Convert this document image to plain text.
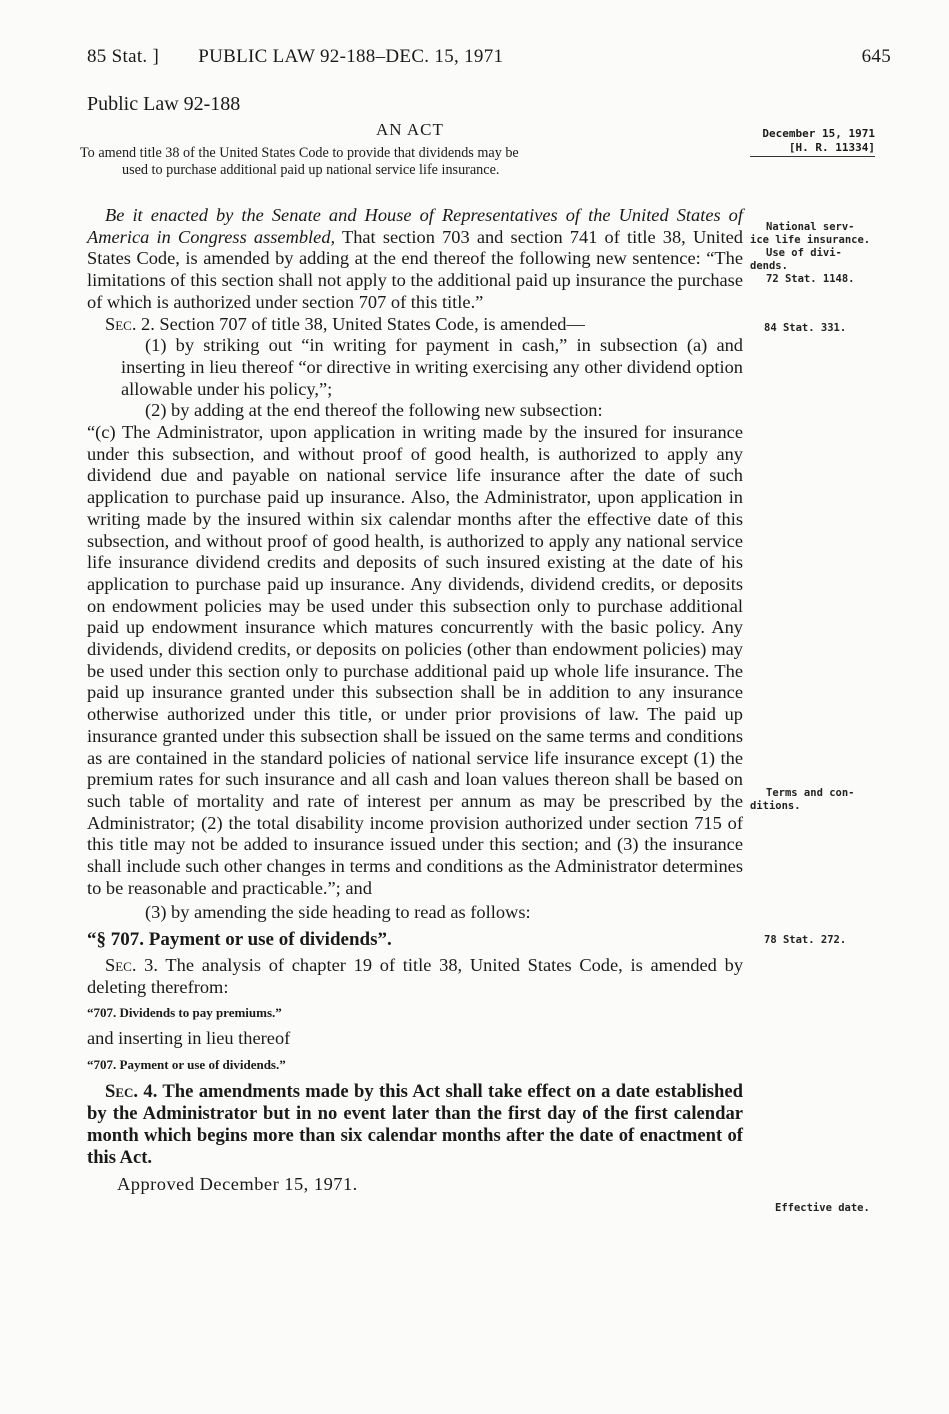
85 Stat. ] PUBLIC LAW 92-188–DEC. 15, 1971	645
Public Law 92-188
AN ACT
To amend title 38 of the United States Code to provide that dividends may be
used to purchase additional paid up national service life insurance.
December 15, 1971

[H. R. 11334]
National serv-
ice life insurance.
Use of divi-
dends.
72 Stat. 1148.
84 Stat. 331.
Terms and con-
ditions.
78 Stat. 272.
Effective date.

Be it enacted by the Senate and House of Representatives of the United States of America in Congress assembled, That section 703 and section 741 of title 38, United States Code, is amended by adding at the end thereof the following new sentence: “The limitations of this section shall not apply to the additional paid up insurance the purchase of which is authorized under section 707 of this title.”

Sec. 2. Section 707 of title 38, United States Code, is amended—

(1) by striking out “in writing for payment in cash,” in subsection (a) and inserting in lieu thereof “or directive in writing exercising any other dividend option allowable under his policy,”;

(2) by adding at the end thereof the following new subsection:

“(c) The Administrator, upon application in writing made by the insured for insurance under this subsection, and without proof of good health, is authorized to apply any dividend due and payable on national service life insurance after the date of such application to purchase paid up insurance. Also, the Administrator, upon application in writing made by the insured within six calendar months after the effective date of this subsection, and without proof of good health, is authorized to apply any national service life insurance dividend credits and deposits of such insured existing at the date of his application to purchase paid up insurance. Any dividends, dividend credits, or deposits on endowment policies may be used under this subsection only to purchase additional paid up endowment insurance which matures concurrently with the basic policy. Any dividends, dividend credits, or deposits on policies (other than endowment policies) may be used under this section only to purchase additional paid up whole life insurance. The paid up insurance granted under this subsection shall be in addition to any insurance otherwise authorized under this title, or under prior provisions of law. The paid up insurance granted under this subsection shall be issued on the same terms and conditions as are contained in the standard policies of national service life insurance except (1) the premium rates for such insurance and all cash and loan values thereon shall be based on such table of mortality and rate of interest per annum as may be prescribed by the Administrator; (2) the total disability income provision authorized under section 715 of this title may not be added to insurance issued under this section; and (3) the insurance shall include such other changes in terms and conditions as the Administrator determines to be reasonable and practicable.”; and

(3) by amending the side heading to read as follows:

“§ 707. Payment or use of dividends”.

Sec. 3. The analysis of chapter 19 of title 38, United States Code, is amended by deleting therefrom:

“707. Dividends to pay premiums.”

and inserting in lieu thereof

“707. Payment or use of dividends.”

Sec. 4. The amendments made by this Act shall take effect on a date established by the Administrator but in no event later than the first day of the first calendar month which begins more than six calendar months after the date of enactment of this Act.

Approved December 15, 1971.
